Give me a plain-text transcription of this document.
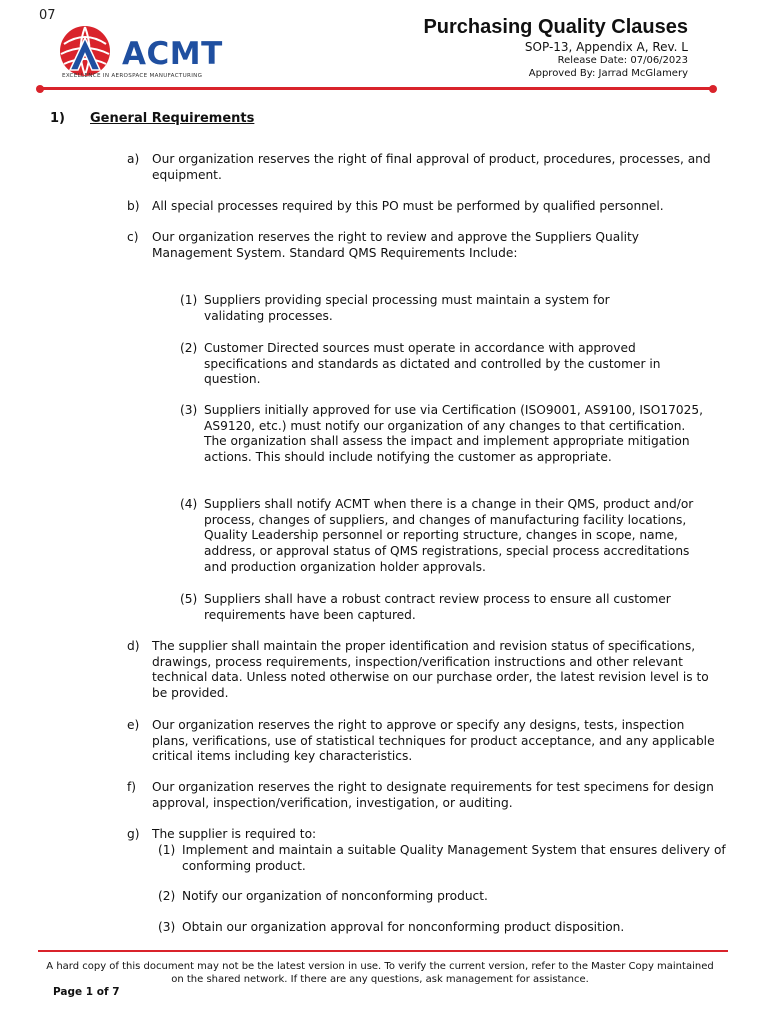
07
ACMT
EXCELLENCE IN AEROSPACE MANUFACTURING
Purchasing Quality Clauses
SOP-13, Appendix A, Rev. L
Release Date: 07/06/2023
Approved By: Jarrad McGlamery
1) General Requirements
a) Our organization reserves the right of final approval of product, procedures, processes, and equipment.
b) All special processes required by this PO must be performed by qualified personnel.
c) Our organization reserves the right to review and approve the Suppliers Quality Management System. Standard QMS Requirements Include:
(1) Suppliers providing special processing must maintain a system for validating processes.
(2) Customer Directed sources must operate in accordance with approved specifications and standards as dictated and controlled by the customer in question.
(3) Suppliers initially approved for use via Certification (ISO9001, AS9100, ISO17025, AS9120, etc.) must notify our organization of any changes to that certification. The organization shall assess the impact and implement appropriate mitigation actions. This should include notifying the customer as appropriate.
(4) Suppliers shall notify ACMT when there is a change in their QMS, product and/or process, changes of suppliers, and changes of manufacturing facility locations, Quality Leadership personnel or reporting structure, changes in scope, name, address, or approval status of QMS registrations, special process accreditations and production organization holder approvals.
(5) Suppliers shall have a robust contract review process to ensure all customer requirements have been captured.
d) The supplier shall maintain the proper identification and revision status of specifications, drawings, process requirements, inspection/verification instructions and other relevant technical data. Unless noted otherwise on our purchase order, the latest revision level is to be provided.
e) Our organization reserves the right to approve or specify any designs, tests, inspection plans, verifications, use of statistical techniques for product acceptance, and any applicable critical items including key characteristics.
f) Our organization reserves the right to designate requirements for test specimens for design approval, inspection/verification, investigation, or auditing.
g) The supplier is required to:
(1) Implement and maintain a suitable Quality Management System that ensures delivery of conforming product.
(2) Notify our organization of nonconforming product.
(3) Obtain our organization approval for nonconforming product disposition.
A hard copy of this document may not be the latest version in use. To verify the current version, refer to the Master Copy maintained on the shared network. If there are any questions, ask management for assistance.
Page 1 of 7
